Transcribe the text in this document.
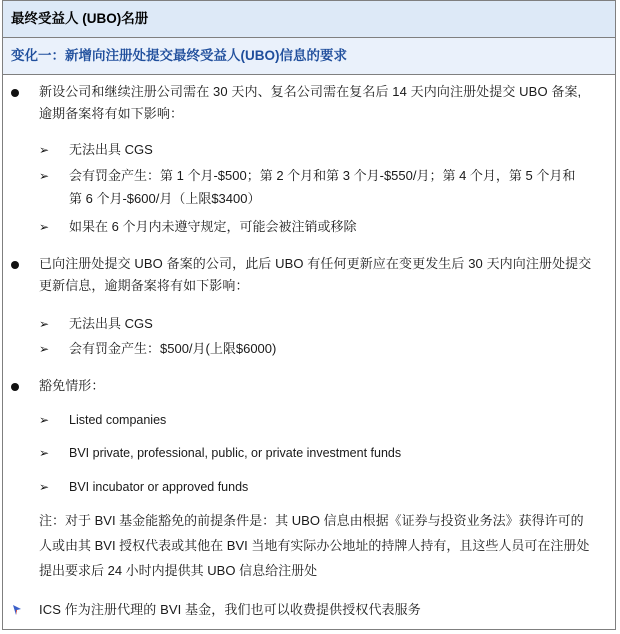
最终受益人 (UBO)名册
变化一：新增向注册处提交最终受益人(UBO)信息的要求
新设公司和继续注册公司需在 30 天内、复名公司需在复名后 14 天内向注册处提交 UBO 备案,
逾期备案将有如下影响：
➢ 无法出具 CGS
➢ 会有罚金产生：第 1 个月-$500；第 2 个月和第 3 个月-$550/月；第 4 个月，第 5 个月和
第 6 个月-$600/月（上限$3400）
➢ 如果在 6 个月内未遵守规定，可能会被注销或移除
已向注册处提交 UBO 备案的公司，此后 UBO 有任何更新应在变更发生后 30 天内向注册处提交
更新信息，逾期备案将有如下影响：
➢ 无法出具 CGS
➢ 会有罚金产生：$500/月(上限$6000)
豁免情形：
➢ Listed companies
➢ BVI private, professional, public, or private investment funds
➢ BVI incubator or approved funds
注：对于 BVI 基金能豁免的前提条件是：其 UBO 信息由根据《证券与投资业务法》获得许可的
人或由其 BVI 授权代表或其他在 BVI 当地有实际办公地址的持牌人持有，且这些人员可在注册处
提出要求后 24 小时内提供其 UBO 信息给注册处
ICS 作为注册代理的 BVI 基金，我们也可以收费提供授权代表服务
